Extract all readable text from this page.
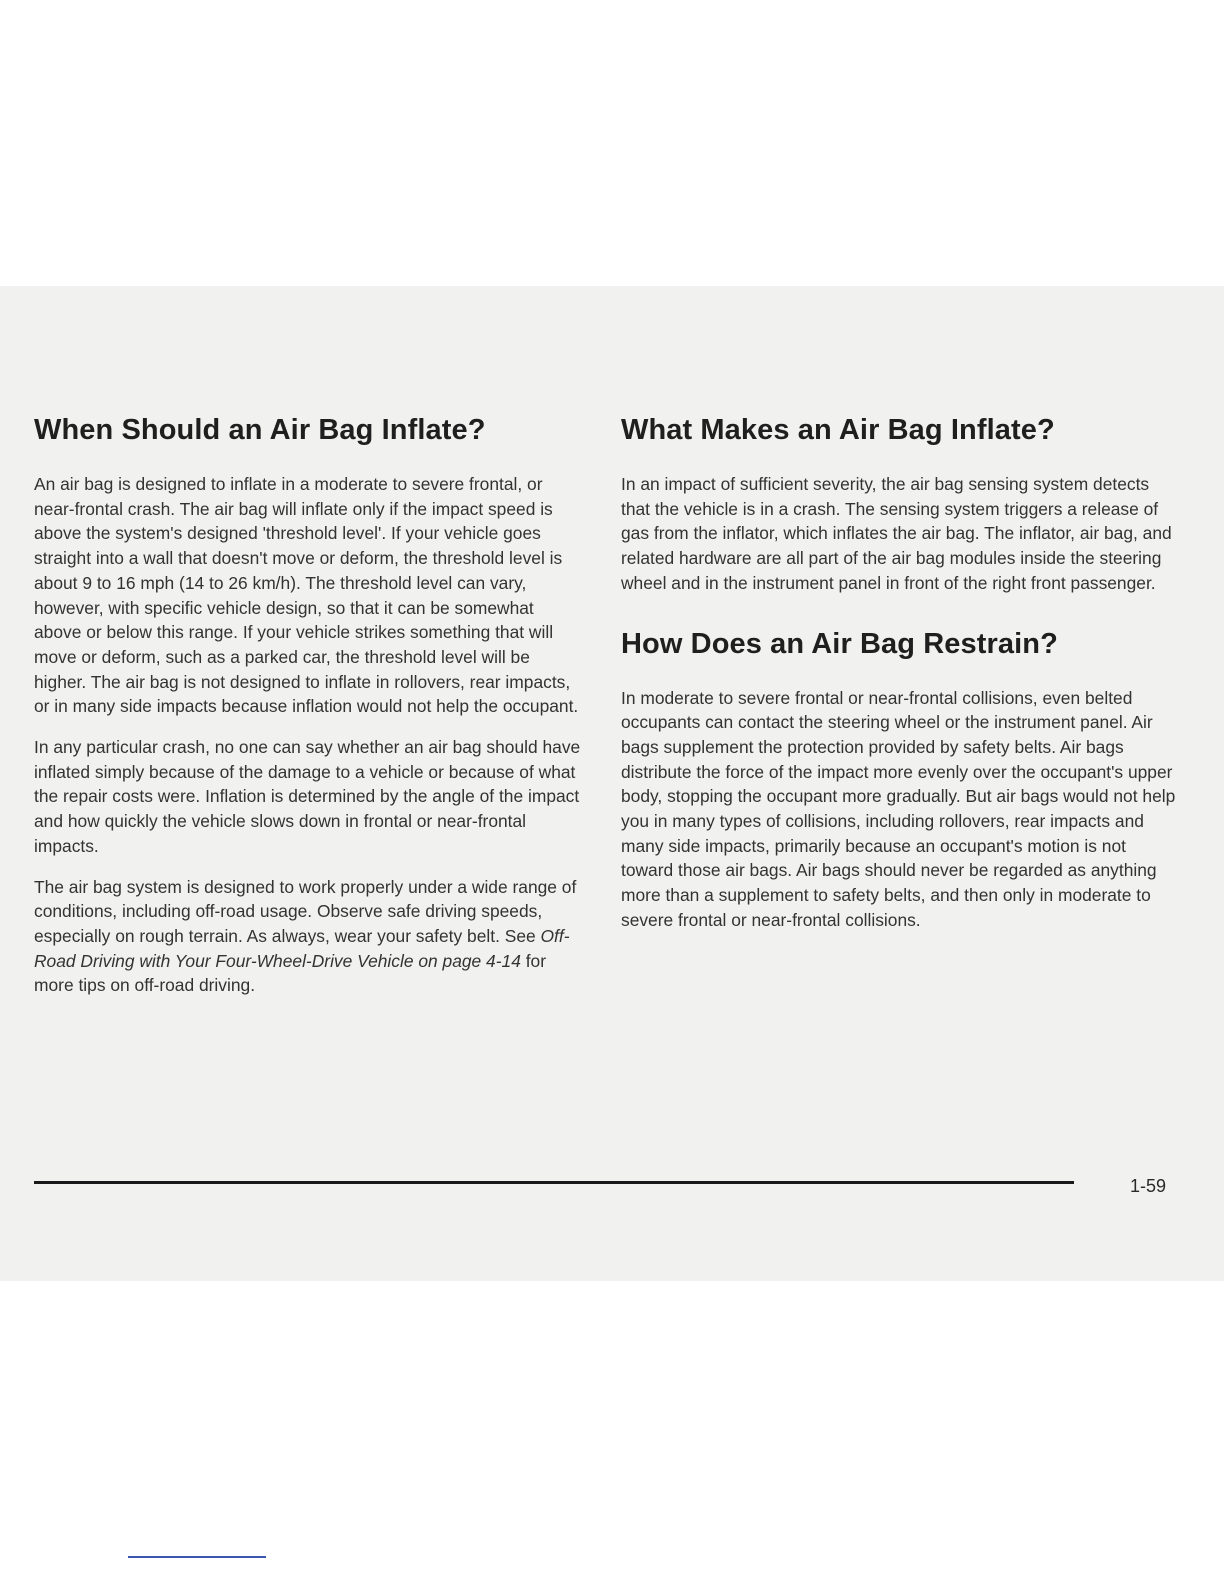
When Should an Air Bag Inflate?

An air bag is designed to inflate in a moderate to severe frontal, or near-frontal crash. The air bag will inflate only if the impact speed is above the system's designed 'threshold level'. If your vehicle goes straight into a wall that doesn't move or deform, the threshold level is about 9 to 16 mph (14 to 26 km/h). The threshold level can vary, however, with specific vehicle design, so that it can be somewhat above or below this range. If your vehicle strikes something that will move or deform, such as a parked car, the threshold level will be higher. The air bag is not designed to inflate in rollovers, rear impacts, or in many side impacts because inflation would not help the occupant.

In any particular crash, no one can say whether an air bag should have inflated simply because of the damage to a vehicle or because of what the repair costs were. Inflation is determined by the angle of the impact and how quickly the vehicle slows down in frontal or near-frontal impacts.

The air bag system is designed to work properly under a wide range of conditions, including off-road usage. Observe safe driving speeds, especially on rough terrain. As always, wear your safety belt. See Off-Road Driving with Your Four-Wheel-Drive Vehicle on page 4-14 for more tips on off-road driving.

What Makes an Air Bag Inflate?

In an impact of sufficient severity, the air bag sensing system detects that the vehicle is in a crash. The sensing system triggers a release of gas from the inflator, which inflates the air bag. The inflator, air bag, and related hardware are all part of the air bag modules inside the steering wheel and in the instrument panel in front of the right front passenger.

How Does an Air Bag Restrain?

In moderate to severe frontal or near-frontal collisions, even belted occupants can contact the steering wheel or the instrument panel. Air bags supplement the protection provided by safety belts. Air bags distribute the force of the impact more evenly over the occupant's upper body, stopping the occupant more gradually. But air bags would not help you in many types of collisions, including rollovers, rear impacts and many side impacts, primarily because an occupant's motion is not toward those air bags. Air bags should never be regarded as anything more than a supplement to safety belts, and then only in moderate to severe frontal or near-frontal collisions.

1-59
